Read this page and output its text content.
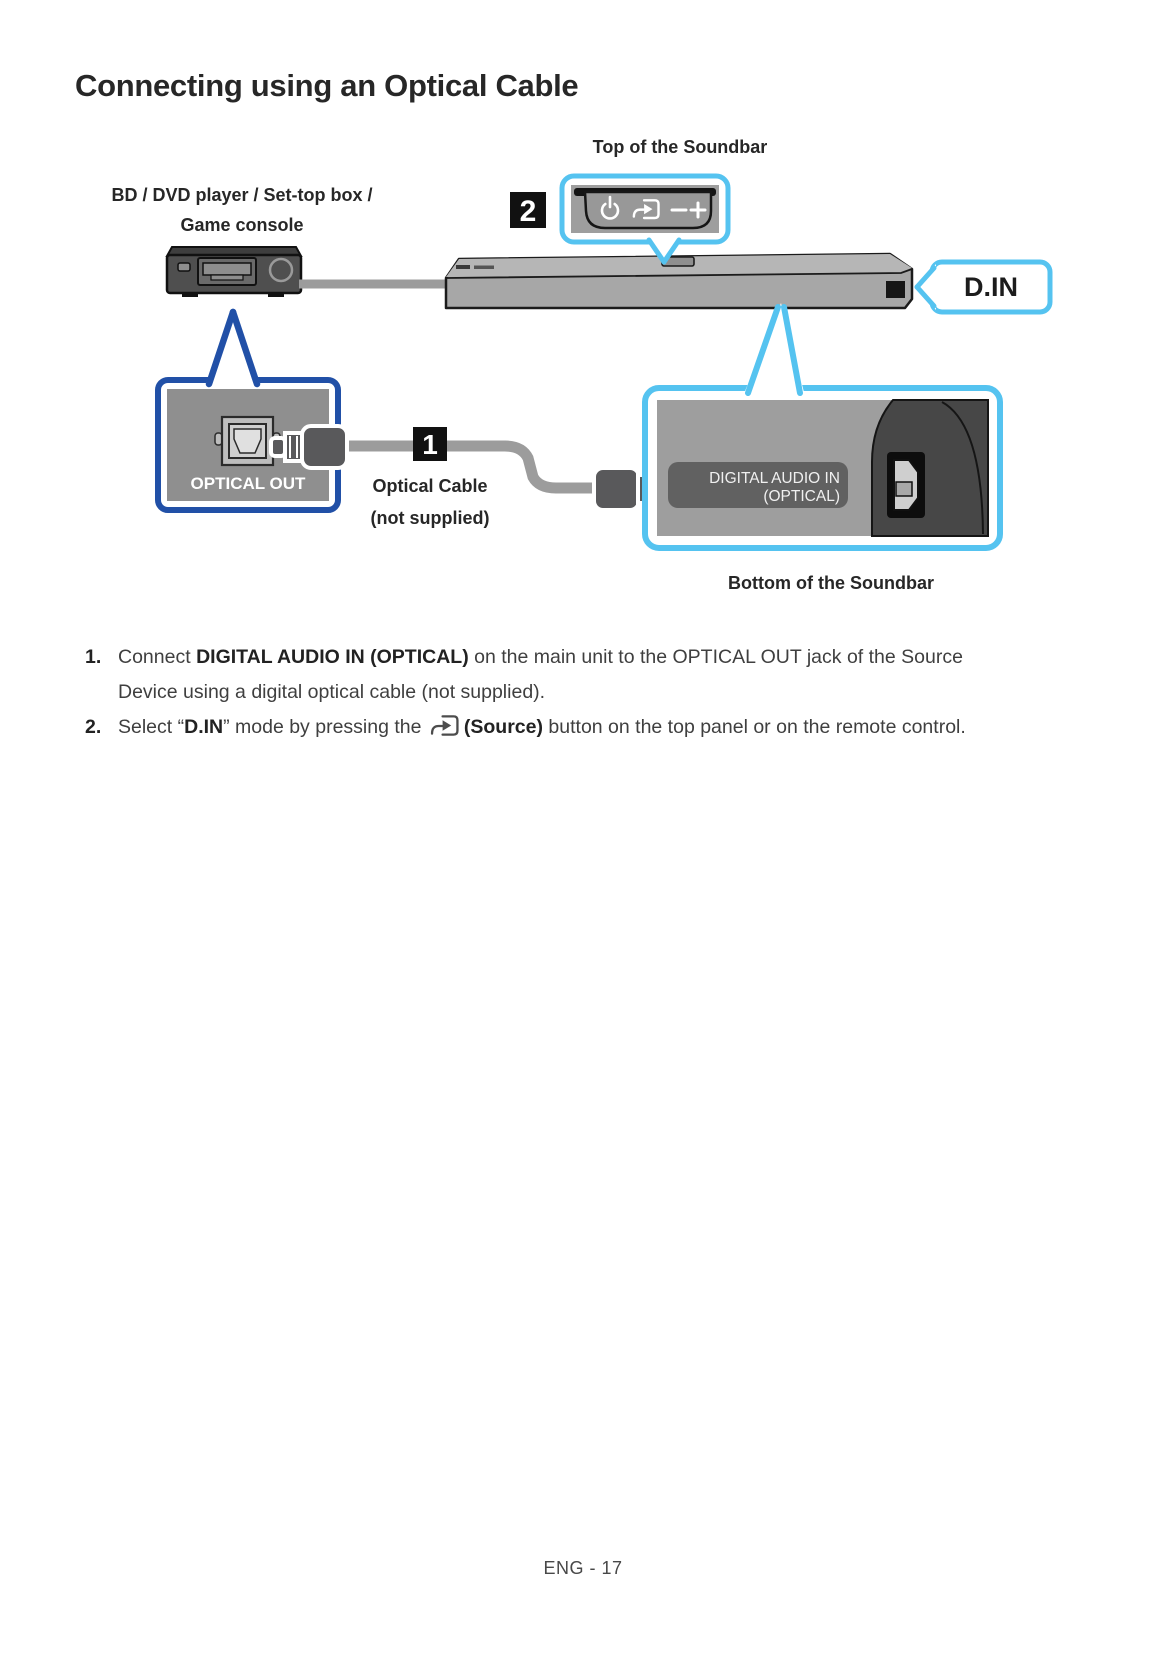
Connecting using an Optical Cable
Top of the Soundbar
BD / DVD player / Set-top box /
Game console	2
D.IN
OPTICAL OUT
1
Optical Cable
(not supplied)
DIGITAL AUDIO IN
(OPTICAL)
Bottom of the Soundbar
1. Connect DIGITAL AUDIO IN (OPTICAL) on the main unit to the OPTICAL OUT jack of the Source
Device using a digital optical cable (not supplied).
2. Select “D.IN” mode by pressing the (Source) button on the top panel or on the remote control.
ENG - 17
